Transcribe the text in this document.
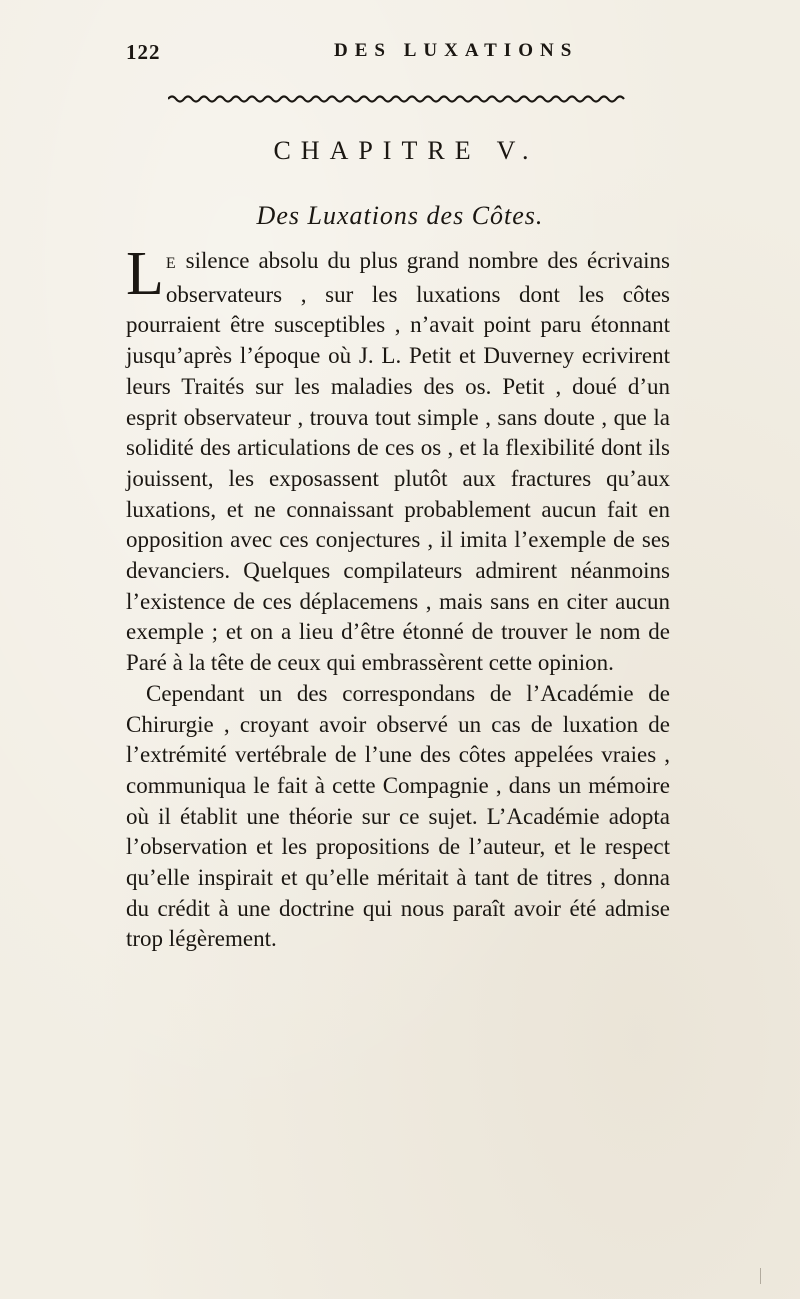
122	DES LUXATIONS
CHAPITRE V.
Des Luxations des Côtes.

L E silence absolu du plus grand nombre des écrivains observateurs , sur les luxations dont les côtes pourraient être susceptibles , n’avait point paru étonnant jusqu’après l’époque où J. L. Petit et Duverney ecrivirent leurs Traités sur les maladies des os. Petit , doué d’un esprit observateur , trouva tout simple , sans doute , que la solidité des articulations de ces os , et la flexibilité dont ils jouissent, les exposassent plutôt aux fractures qu’aux luxations, et ne connaissant probablement aucun fait en opposition avec ces conjectures , il imita l’exemple de ses devanciers. Quelques compilateurs admirent néanmoins l’existence de ces déplacemens , mais sans en citer aucun exemple ; et on a lieu d’être étonné de trouver le nom de Paré à la tête de ceux qui embrassèrent cette opinion.

Cependant un des correspondans de l’Académie de Chirurgie , croyant avoir observé un cas de luxation de l’extrémité vertébrale de l’une des côtes appelées vraies , communiqua le fait à cette Compagnie , dans un mémoire où il établit une théorie sur ce sujet. L’Académie adopta l’observation et les propositions de l’auteur, et le respect qu’elle inspirait et qu’elle méritait à tant de titres , donna du crédit à une doctrine qui nous paraît avoir été admise trop légèrement.
